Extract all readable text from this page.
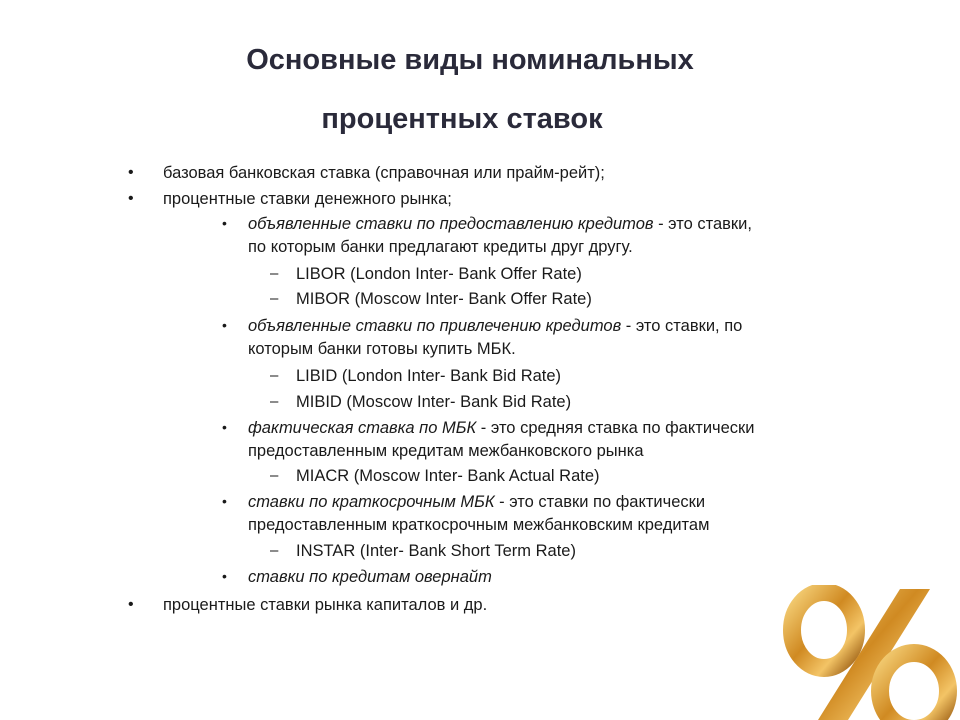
Основные виды номинальных
процентных ставок
• базовая банковская ставка (справочная или прайм-рейт);

• процентные ставки денежного рынка;

• объявленные ставки по предоставлению кредитов - это ставки,
по которым банки предлагают кредиты друг другу.

– LIBOR (London Inter- Bank Offer Rate)

– MIBOR (Moscow Inter- Bank Offer Rate)

• объявленные ставки по привлечению кредитов - это ставки, по
которым банки готовы купить МБК.

– LIBID (London Inter- Bank Bid Rate)

– MIBID (Moscow Inter- Bank Bid Rate)

• фактическая ставка по МБК - это средняя ставка по фактически
предоставленным кредитам межбанковского рынка

– MIACR (Moscow Inter- Bank Actual Rate)

• ставки по краткосрочным МБК - это ставки по фактически
предоставленным краткосрочным межбанковским кредитам

– INSTAR (Inter- Bank Short Term Rate)

• ставки по кредитам овернайт

• процентные ставки рынка капиталов и др.
